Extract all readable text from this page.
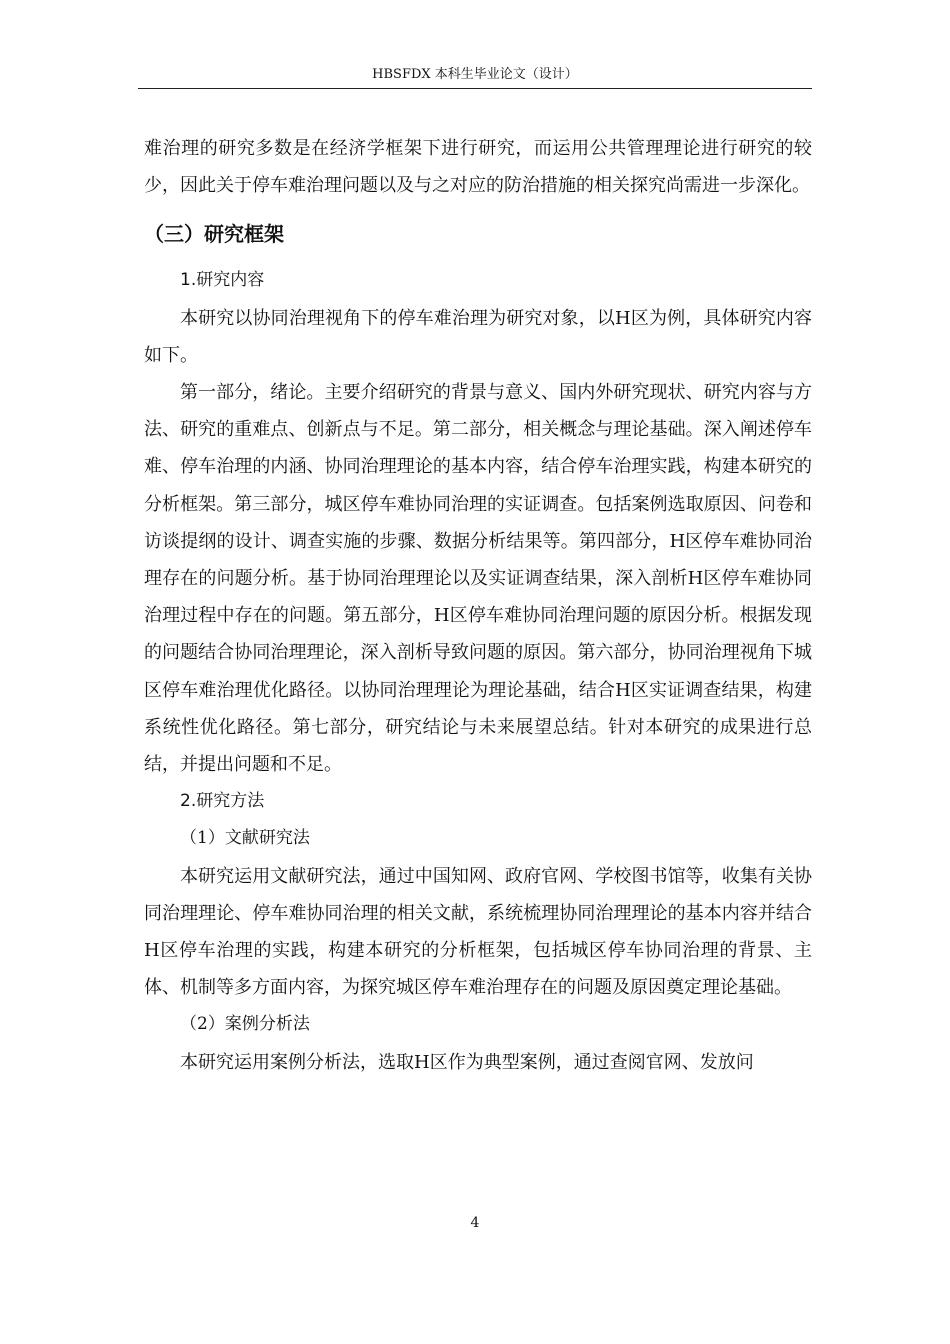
HBSFDX 本科生毕业论文（设计）

难治理的研究多数是在经济学框架下进行研究，而运用公共管理理论进行研究的较少，因此关于停车难治理问题以及与之对应的防治措施的相关探究尚需进一步深化。

（三）研究框架
1.研究内容

本研究以协同治理视角下的停车难治理为研究对象，以H区为例，具体研究内容如下。

第一部分，绪论。主要介绍研究的背景与意义、国内外研究现状、研究内容与方法、研究的重难点、创新点与不足。第二部分，相关概念与理论基础。深入阐述停车难、停车治理的内涵、协同治理理论的基本内容，结合停车治理实践，构建本研究的分析框架。第三部分，城区停车难协同治理的实证调查。包括案例选取原因、问卷和访谈提纲的设计、调查实施的步骤、数据分析结果等。第四部分，H区停车难协同治理存在的问题分析。基于协同治理理论以及实证调查结果，深入剖析H区停车难协同治理过程中存在的问题。第五部分，H区停车难协同治理问题的原因分析。根据发现的问题结合协同治理理论，深入剖析导致问题的原因。第六部分，协同治理视角下城区停车难治理优化路径。以协同治理理论为理论基础，结合H区实证调查结果，构建系统性优化路径。第七部分，研究结论与未来展望总结。针对本研究的成果进行总结，并提出问题和不足。

2.研究方法
（1）文献研究法

本研究运用文献研究法，通过中国知网、政府官网、学校图书馆等，收集有关协同治理理论、停车难协同治理的相关文献，系统梳理协同治理理论的基本内容并结合H区停车治理的实践，构建本研究的分析框架，包括城区停车协同治理的背景、主体、机制等多方面内容，为探究城区停车难治理存在的问题及原因奠定理论基础。

（2）案例分析法

本研究运用案例分析法，选取H区作为典型案例，通过查阅官网、发放问

4
